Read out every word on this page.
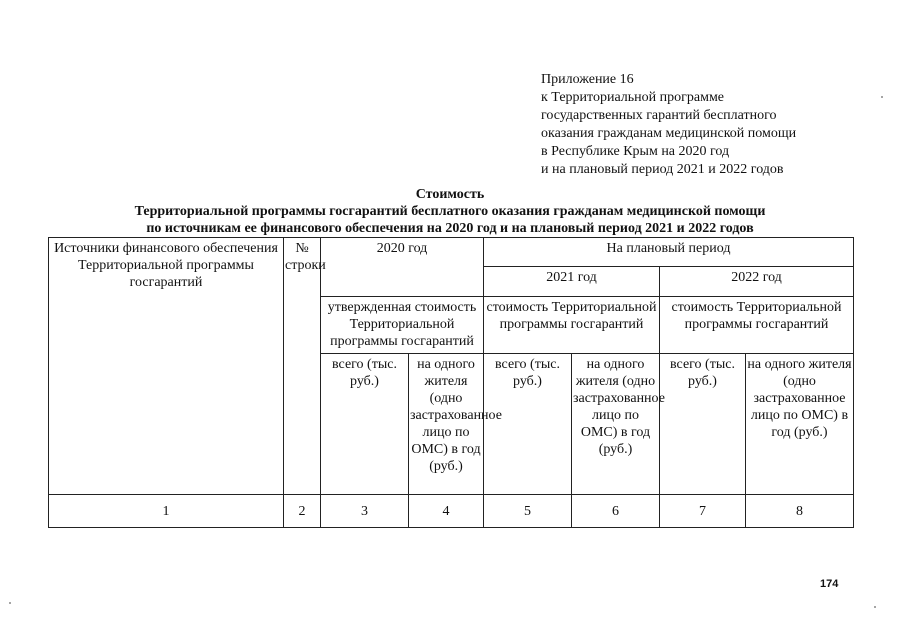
Приложение 16
к Территориальной программе
государственных гарантий бесплатного
оказания гражданам медицинской помощи
в Республике Крым на 2020 год
и на плановый период 2021 и 2022 годов
Стоимость
Территориальной программы госгарантий бесплатного оказания гражданам медицинской помощи
по источникам ее финансового обеспечения на 2020 год и на плановый период 2021 и 2022 годов
Источники финансового обеспечения Территориальной программы госгарантий	№ строки	2020 год		На плановый период			
				2021 год		2022 год	
		утвержденная стоимость Территориальной программы госгарантий		стоимость Территориальной программы госгарантий		стоимость Территориальной программы госгарантий	
		всего (тыс. руб.)	на одного жителя (одно застрахованное лицо по ОМС) в год (руб.)	всего (тыс. руб.)	на одного жителя (одно застрахованное лицо по ОМС) в год (руб.)	всего (тыс. руб.)	на одного жителя (одно застрахованное лицо по ОМС) в год (руб.)
1	2	3	4	5	6	7	8
174
